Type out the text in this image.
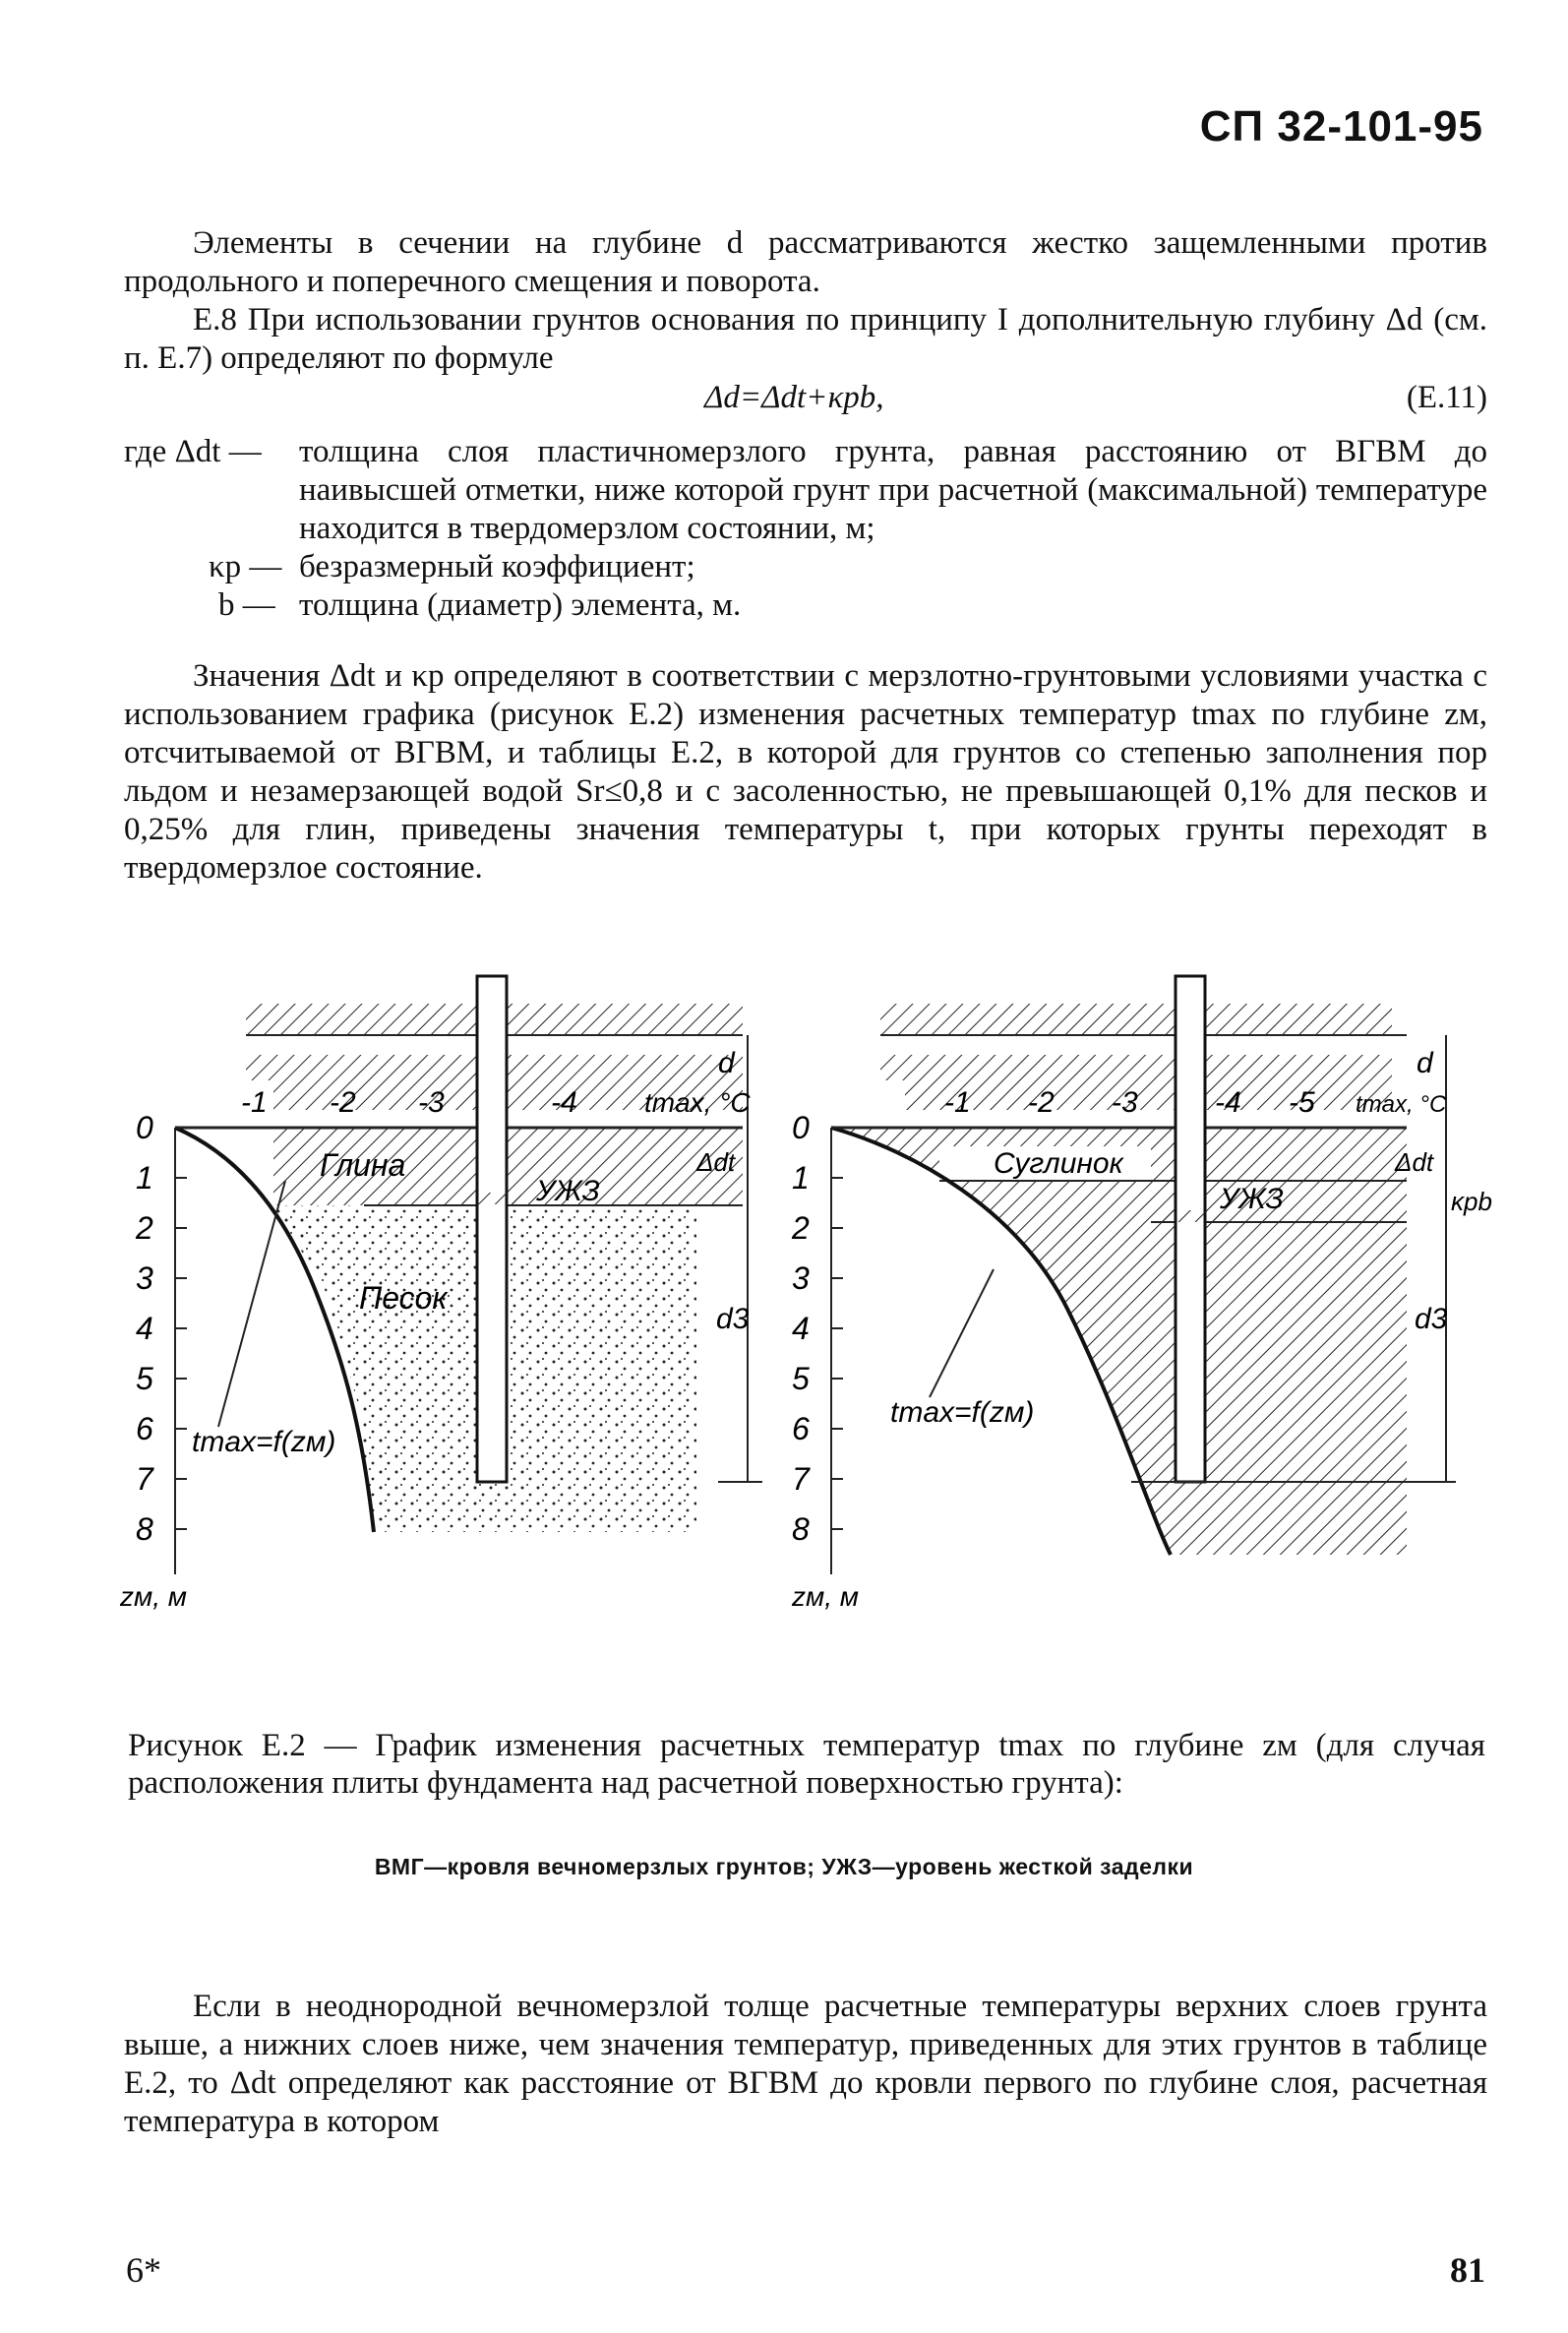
СП 32-101-95

Элементы в сечении на глубине d рассматриваются жестко защемленными против продольного и поперечного смещения и поворота.

Е.8 При использовании грунтов основания по принципу I дополнительную глубину Δd (см. п. Е.7) определяют по формуле

Δd=Δdt+κpb,	(Е.11)
где Δdt — толщина слоя пластичномерзлого грунта, равная расстоянию от ВГВМ до наивысшей отметки, ниже которой грунт при расчетной (максимальной) температуре находится в твердомерзлом состоянии, м;
κp — безразмерный коэффициент;
b — толщина (диаметр) элемента, м.

Значения Δdt и κp определяют в соответствии с мерзлотно-грунтовыми условиями участка с использованием графика (рисунок Е.2) изменения расчетных температур tmax по глубине zм, отсчитываемой от ВГВМ, и таблицы Е.2, в которой для грунтов со степенью заполнения пор льдом и незамерзающей водой Sr≤0,8 и с засоленностью, не превышающей 0,1% для песков и 0,25% для глин, приведены значения температуры t, при которых грунты переходят в твердомерзлое состояние.

-1 -2 -3	-4 tmax, °C
Глина
Песок
УЖЗ
d
Δdt
d3
tmax=f(zм)
zм, м
0
1
2
3
4
5
6
7
8
-1 -2 -3	-4 -5 tmax, °C
Суглинок
УЖЗ
d
Δdt
κpb
d3
tmax=f(zм)
zм, м
0
1
2
3
4
5
6
7
8
Рисунок Е.2 — График изменения расчетных температур tmax по глубине zм (для случая расположения плиты фундамента над расчетной поверхностью грунта):
ВМГ—кровля вечномерзлых грунтов; УЖЗ—уровень жесткой заделки

Если в неоднородной вечномерзлой толще расчетные температуры верхних слоев грунта выше, а нижних слоев ниже, чем значения температур, приведенных для этих грунтов в таблице Е.2, то Δdt определяют как расстояние от ВГВМ до кровли первого по глубине слоя, расчетная температура в котором

6*	81
